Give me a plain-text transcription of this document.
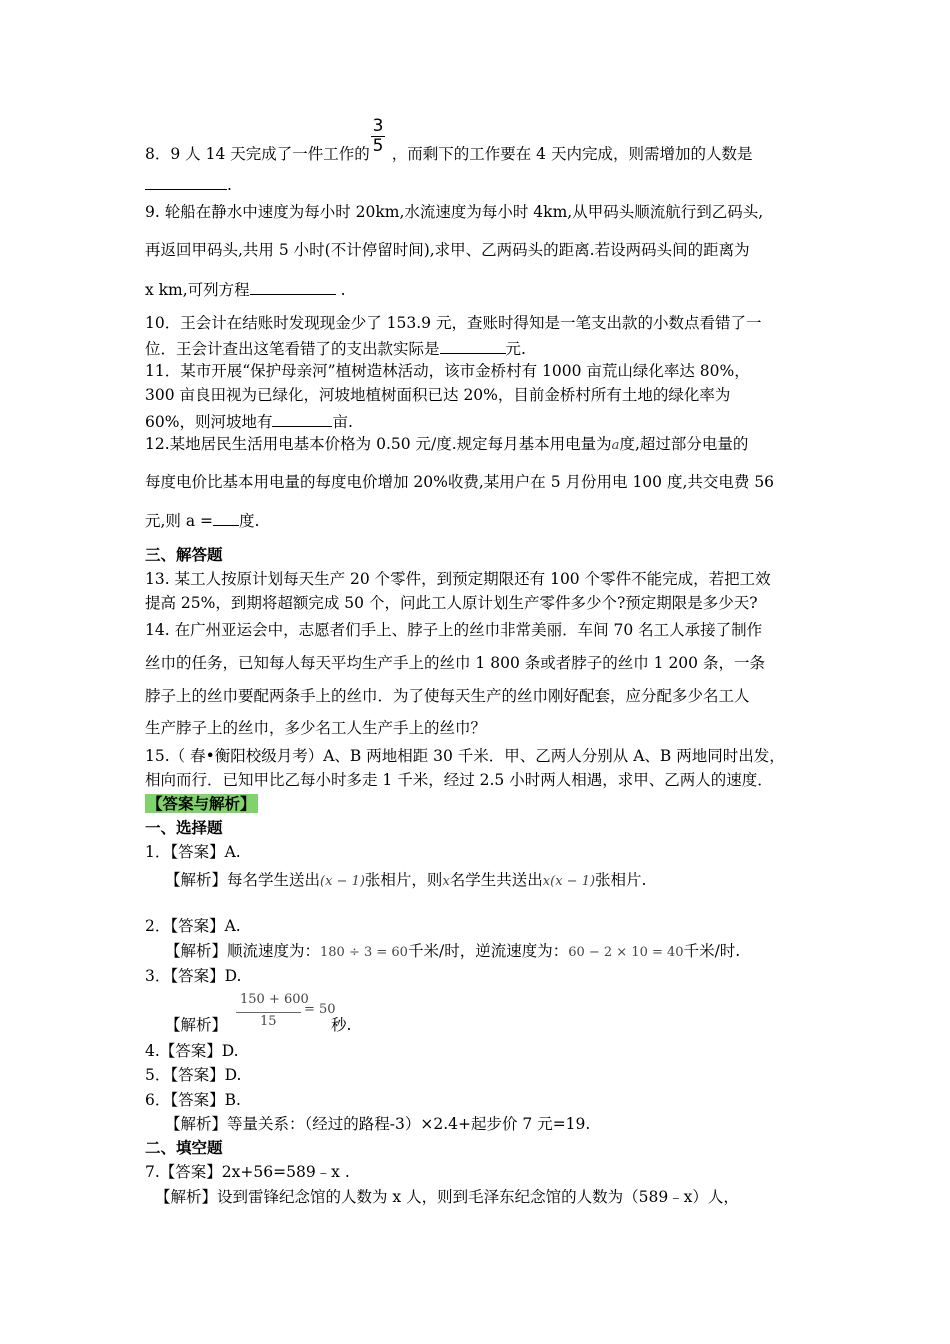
3
5
8．9 人 14 天完成了一件工作的 ，而剩下的工作要在 4 天内完成，则需增加的人数是
.
9. 轮船在静水中速度为每小时 20km,水流速度为每小时 4km,从甲码头顺流航行到乙码头,
再返回甲码头,共用 5 小时(不计停留时间),求甲、乙两码头的距离.若设两码头间的距离为
x km,可列方程	.
10．王会计在结账时发现现金少了 153.9 元，查账时得知是一笔支出款的小数点看错了一
位．王会计查出这笔看错了的支出款实际是	元.
11．某市开展“保护母亲河”植树造林活动，该市金桥村有 1000 亩荒山绿化率达 80%，
300 亩良田视为已绿化，河坡地植树面积已达 20%，目前金桥村所有土地的绿化率为
60%，则河坡地有	亩.
12.某地居民生活用电基本价格为 0.50 元/度.规定每月基本用电量为a度,超过部分电量的
每度电价比基本用电量的每度电价增加 20%收费,某用户在 5 月份用电 100 度,共交电费 56
元,则 a = 度.
三、解答题
13. 某工人按原计划每天生产 20 个零件，到预定期限还有 100 个零件不能完成，若把工效
提高 25%，到期将超额完成 50 个，问此工人原计划生产零件多少个?预定期限是多少天?
14. 在广州亚运会中，志愿者们手上、脖子上的丝巾非常美丽．车间 70 名工人承接了制作
丝巾的任务，已知每人每天平均生产手上的丝巾 1 800 条或者脖子的丝巾 1 200 条，一条
脖子上的丝巾要配两条手上的丝巾．为了使每天生产的丝巾刚好配套，应分配多少名工人
生产脖子上的丝巾，多少名工人生产手上的丝巾？
15.（ 春•衡阳校级月考）A、B 两地相距 30 千米．甲、乙两人分别从 A、B 两地同时出发，
相向而行．已知甲比乙每小时多走 1 千米，经过 2.5 小时两人相遇，求甲、乙两人的速度．
【答案与解析】
一、选择题
1．【答案】A.
【解析】每名学生送出(x − 1)张相片，则x名学生共送出x(x − 1)张相片.
2．【答案】A.
【解析】顺流速度为：180 ÷ 3 = 60千米/时，逆流速度为：60 − 2 × 10 = 40千米/时.
3．【答案】D.
150 + 600
15
= 50
【解析】	秒.
4.【答案】D.
5．【答案】D.
6．【答案】B.
【解析】等量关系：（经过的路程-3）×2.4+起步价 7 元=19.
二、填空题
7.【答案】2x+56=589﹣x .
【解析】设到雷锋纪念馆的人数为 x 人，则到毛泽东纪念馆的人数为（589﹣x）人，
